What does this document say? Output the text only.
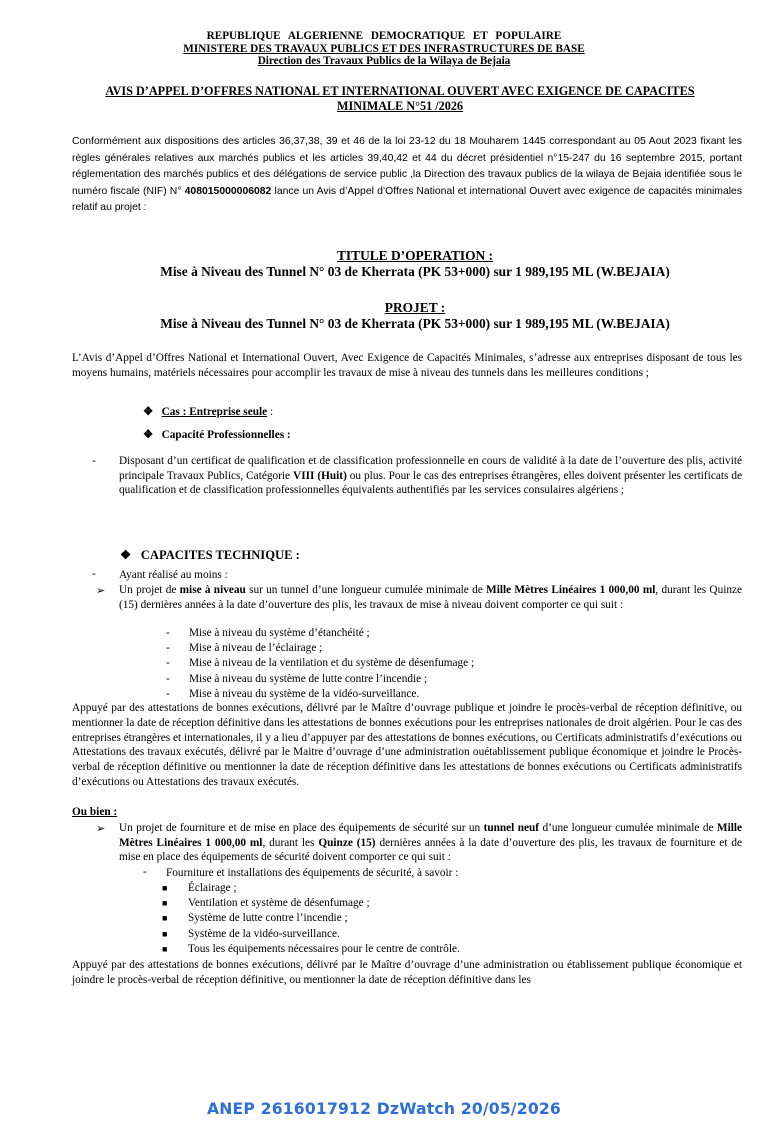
REPUBLIQUE ALGERIENNE DEMOCRATIQUE ET POPULAIRE
MINISTERE DES TRAVAUX PUBLICS ET DES INFRASTRUCTURES DE BASE
Direction des Travaux Publics de la Wilaya de Bejaia
AVIS D’APPEL D’OFFRES NATIONAL ET INTERNATIONAL OUVERT AVEC EXIGENCE DE CAPACITES
MINIMALE N°51 /2026
Conformément aux dispositions des articles 36,37,38, 39 et 46 de la loi 23-12 du 18 Mouharem 1445 correspondant au 05 Aout 2023 fixant les règles générales relatives aux marchés publics et les articles 39,40,42 et 44 du décret présidentiel n°15-247 du 16 septembre 2015, portant réglementation des marchés publics et des délégations de service public ,la Direction des travaux publics de la wilaya de Bejaia identifiée sous le numéro fiscale (NIF) N° 408015000006082 lance un Avis d’Appel d’Offres National et international Ouvert avec exigence de capacités minimales relatif au projet :
TITULE D’OPERATION :
Mise à Niveau des Tunnel N° 03 de Kherrata (PK 53+000) sur 1 989,195 ML (W.BEJAIA)
PROJET :
Mise à Niveau des Tunnel N° 03 de Kherrata (PK 53+000) sur 1 989,195 ML (W.BEJAIA)
L’Avis d’Appel d’Offres National et International Ouvert, Avec Exigence de Capacités Minimales, s’adresse aux entreprises disposant de tous les moyens humains, matériels nécessaires pour accomplir les travaux de mise à niveau des tunnels dans les meilleures conditions ;
❖ Cas : Entreprise seule :
❖ Capacité Professionnelles :
- Disposant d’un certificat de qualification et de classification professionnelle en cours de validité à la date de l’ouverture des plis, activité principale Travaux Publics, Catégorie VIII (Huit) ou plus. Pour le cas des entreprises étrangères, elles doivent présenter les certificats de qualification et de classification professionnelles équivalents authentifiés par les services consulaires algériens ;
❖ CAPACITES TECHNIQUE :
- Ayant réalisé au moins :
➢ Un projet de mise à niveau sur un tunnel d’une longueur cumulée minimale de Mille Mètres Linéaires 1 000,00 ml, durant les Quinze (15) dernières années à la date d’ouverture des plis, les travaux de mise à niveau doivent comporter ce qui suit :
- Mise à niveau du système d’étanchéité ;
- Mise à niveau de l’éclairage ;
- Mise à niveau de la ventilation et du système de désenfumage ;
- Mise à niveau du système de lutte contre l’incendie ;
- Mise à niveau du système de la vidéo-surveillance.
Appuyé par des attestations de bonnes exécutions, délivré par le Maître d’ouvrage publique et joindre le procès-verbal de réception définitive, ou mentionner la date de réception définitive dans les attestations de bonnes exécutions pour les entreprises nationales de droit algérien. Pour le cas des entreprises étrangères et internationales, il y a lieu d’appuyer par des attestations de bonnes exécutions, ou Certificats administratifs d’exécutions ou Attestations des travaux exécutés, délivré par le Maitre d’ouvrage d’une administration ouétablissement publique économique et joindre le Procès-verbal de réception définitive ou mentionner la date de réception définitive dans les attestations de bonnes exécutions ou Certificats administratifs d’exécutions ou Attestations des travaux exécutés.
Ou bien :
➢ Un projet de fourniture et de mise en place des équipements de sécurité sur un tunnel neuf d’une longueur cumulée minimale de Mille Mètres Linéaires 1 000,00 ml, durant les Quinze (15) dernières années à la date d’ouverture des plis, les travaux de fourniture et de mise en place des équipements de sécurité doivent comporter ce qui suit :
- Fourniture et installations des équipements de sécurité, à savoir :
■ Éclairage ;
■ Ventilation et système de désenfumage ;
■ Système de lutte contre l’incendie ;
■ Système de la vidéo-surveillance.
■ Tous les équipements nécessaires pour le centre de contrôle.
Appuyé par des attestations de bonnes exécutions, délivré par le Maître d’ouvrage d’une administration ou établissement publique économique et joindre le procès-verbal de réception définitive, ou mentionner la date de réception définitive dans les
ANEP 2616017912 DzWatch 20/05/2026
